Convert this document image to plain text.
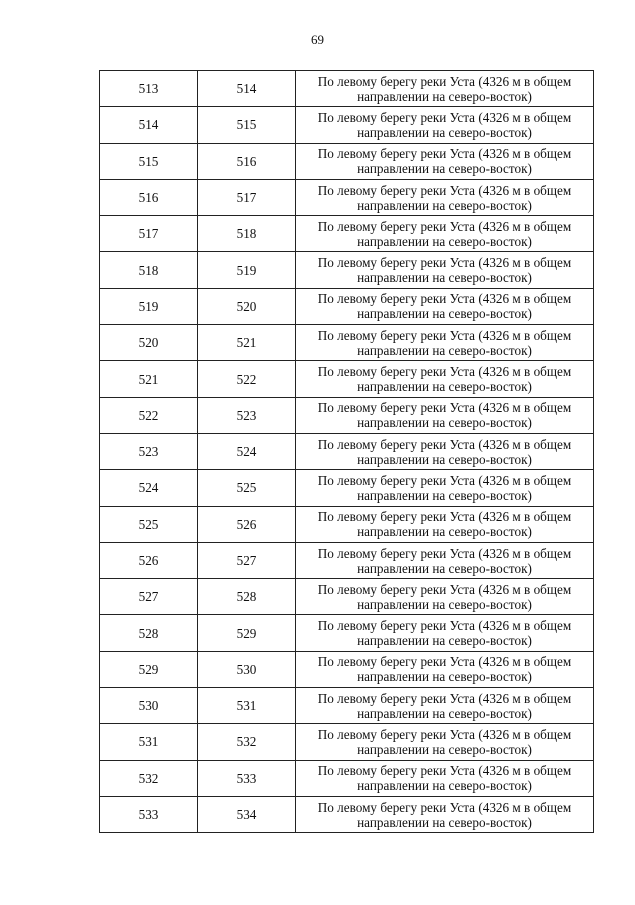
69
513	514	По левому берегу реки Уста (4326 м в общем направлении на северо-восток)
514	515	По левому берегу реки Уста (4326 м в общем направлении на северо-восток)
515	516	По левому берегу реки Уста (4326 м в общем направлении на северо-восток)
516	517	По левому берегу реки Уста (4326 м в общем направлении на северо-восток)
517	518	По левому берегу реки Уста (4326 м в общем направлении на северо-восток)
518	519	По левому берегу реки Уста (4326 м в общем направлении на северо-восток)
519	520	По левому берегу реки Уста (4326 м в общем направлении на северо-восток)
520	521	По левому берегу реки Уста (4326 м в общем направлении на северо-восток)
521	522	По левому берегу реки Уста (4326 м в общем направлении на северо-восток)
522	523	По левому берегу реки Уста (4326 м в общем направлении на северо-восток)
523	524	По левому берегу реки Уста (4326 м в общем направлении на северо-восток)
524	525	По левому берегу реки Уста (4326 м в общем направлении на северо-восток)
525	526	По левому берегу реки Уста (4326 м в общем направлении на северо-восток)
526	527	По левому берегу реки Уста (4326 м в общем направлении на северо-восток)
527	528	По левому берегу реки Уста (4326 м в общем направлении на северо-восток)
528	529	По левому берегу реки Уста (4326 м в общем направлении на северо-восток)
529	530	По левому берегу реки Уста (4326 м в общем направлении на северо-восток)
530	531	По левому берегу реки Уста (4326 м в общем направлении на северо-восток)
531	532	По левому берегу реки Уста (4326 м в общем направлении на северо-восток)
532	533	По левому берегу реки Уста (4326 м в общем направлении на северо-восток)
533	534	По левому берегу реки Уста (4326 м в общем направлении на северо-восток)
